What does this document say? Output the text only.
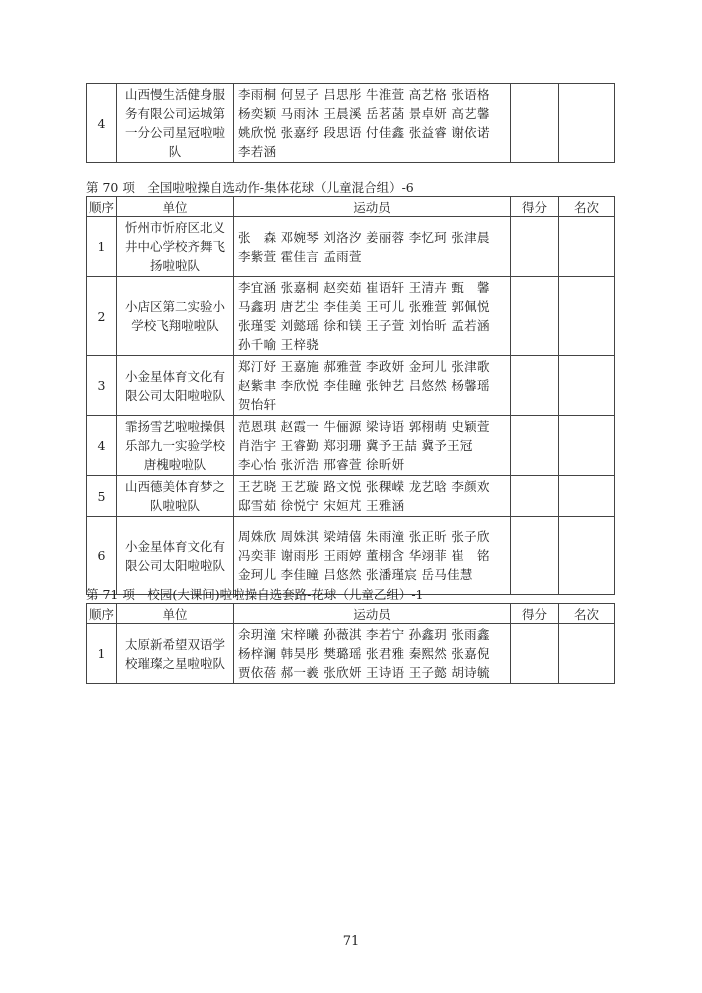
4	山西慢生活健身服务有限公司运城第一分公司星冠啦啦队	
李雨桐 何昱子 吕思彤 牛淮萱 高艺格 张语格
杨奕颖 马雨沐 王晨溪 岳茗菡 景卓妍 高艺馨
姚欣悦 张嘉纾 段思语 付佳鑫 张益睿 谢依诺
李若涵

第 70 项　全国啦啦操自选动作-集体花球（儿童混合组）-6
顺序	单位	运动员	得分	名次
1	忻州市忻府区北义井中心学校齐舞飞扬啦啦队	张　森 邓婉琴 刘洛汐 姜丽蓉 李忆珂 张津晨
李紫萱 霍佳言 孟雨萱		

2	小店区第二实验小学校飞翔啦啦队	李宜涵 张嘉桐 赵奕茹 崔语轩 王清卉 甄　馨
马鑫玥 唐艺尘 李佳美 王可儿 张雅萱 郭佩悦
张瑾雯 刘懿瑶 徐和镁 王子萱 刘怡昕 孟若涵
孙千喻 王梓骁		

3	小金星体育文化有限公司太阳啦啦队	郑汀妤 王嘉施 郝雅萱 李政妍 金珂儿 张津歌
赵紫聿 李欣悦 李佳瞳 张钟艺 吕悠然 杨馨瑶
贺怡轩		

4	霏扬雪艺啦啦操俱乐部九一实验学校唐槐啦啦队	范恩琪 赵霞一 牛俪源 梁诗语 郭栩萌 史颖萱
肖浩宇 王睿勤 郑羽珊 冀予王喆 冀予王冠
李心怡 张沂浩 邢睿萱 徐昕妍		

5	山西德美体育梦之队啦啦队	王艺晓 王艺璇 路文悦 张稞嵘 龙艺晗 李颜欢
邸雪茹 徐悦宁 宋姮芃 王雅涵		

6	小金星体育文化有限公司太阳啦啦队	周姝欣 周姝淇 梁靖僖 朱雨潼 张正昕 张子欣
冯奕菲 谢雨彤 王雨婷 董栩含 华翊菲 崔　铭
金珂儿 李佳瞳 吕悠然 张潘瑾宸 岳马佳慧		

第 71 项　校园(大课间)啦啦操自选套路-花球（儿童乙组）-1
顺序	单位	运动员	得分	名次
1	太原新希望双语学校璀璨之星啦啦队	余玥潼 宋梓曦 孙薇淇 李若宁 孙鑫玥 张雨鑫
杨梓澜 韩昊彤 樊璐瑶 张君雅 秦熙然 张嘉倪
贾依蓓 郝一羲 张欣妍 王诗语 王子懿 胡诗毓		

71
